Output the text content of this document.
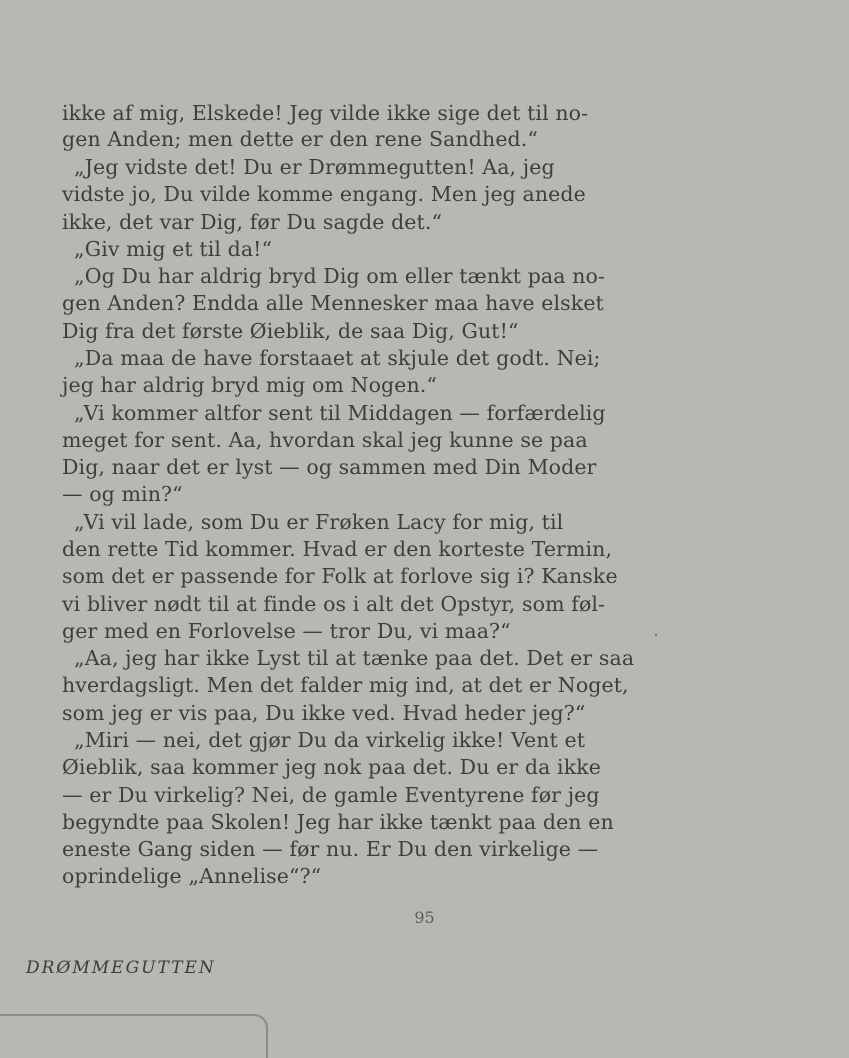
ikke af mig, Elskede! Jeg vilde ikke sige det til no-
gen Anden; men dette er den rene Sandhed.“
„Jeg vidste det! Du er Drømmegutten! Aa, jeg
vidste jo, Du vilde komme engang. Men jeg anede
ikke, det var Dig, før Du sagde det.“
„Giv mig et til da!“
„Og Du har aldrig bryd Dig om eller tænkt paa no-
gen Anden? Endda alle Mennesker maa have elsket
Dig fra det første Øieblik, de saa Dig, Gut!“
„Da maa de have forstaaet at skjule det godt. Nei;
jeg har aldrig bryd mig om Nogen.“
„Vi kommer altfor sent til Middagen — forfærdelig
meget for sent. Aa, hvordan skal jeg kunne se paa
Dig, naar det er lyst — og sammen med Din Moder
— og min?“
„Vi vil lade, som Du er Frøken Lacy for mig, til
den rette Tid kommer. Hvad er den korteste Termin,
som det er passende for Folk at forlove sig i? Kanske
vi bliver nødt til at finde os i alt det Opstyr, som føl-
ger med en Forlovelse — tror Du, vi maa?“
„Aa, jeg har ikke Lyst til at tænke paa det. Det er saa
hverdagsligt. Men det falder mig ind, at det er Noget,
som jeg er vis paa, Du ikke ved. Hvad heder jeg?“
„Miri — nei, det gjør Du da virkelig ikke! Vent et
Øieblik, saa kommer jeg nok paa det. Du er da ikke
— er Du virkelig? Nei, de gamle Eventyrene før jeg
begyndte paa Skolen! Jeg har ikke tænkt paa den en
eneste Gang siden — før nu. Er Du den virkelige —
oprindelige „Annelise“?“
95
DRØMMEGUTTEN
